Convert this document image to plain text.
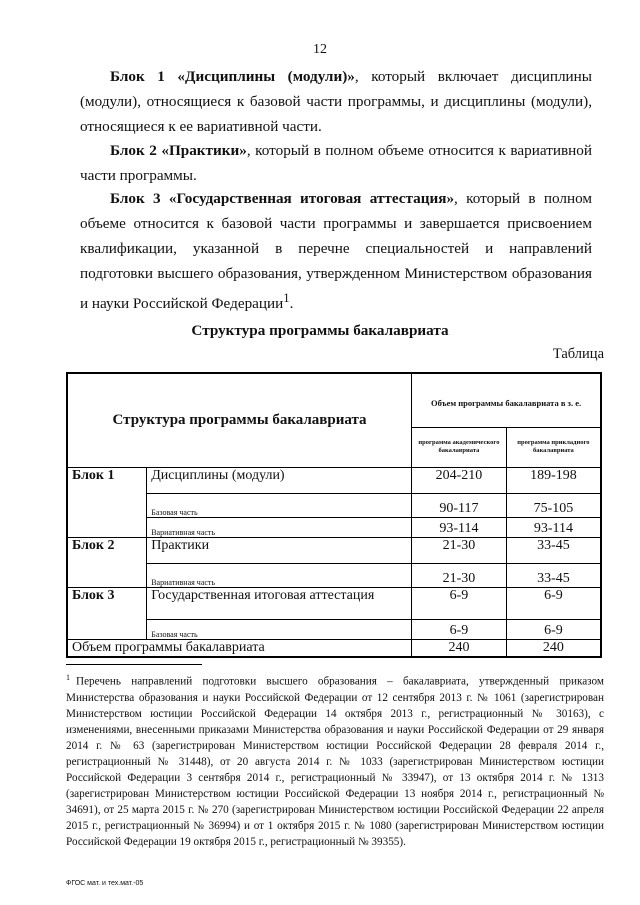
12

Блок 1 «Дисциплины (модули)», который включает дисциплины (модули), относящиеся к базовой части программы, и дисциплины (модули), относящиеся к ее вариативной части.

Блок 2 «Практики», который в полном объеме относится к вариативной части программы.

Блок 3 «Государственная итоговая аттестация», который в полном объеме относится к базовой части программы и завершается присвоением квалификации, указанной в перечне специальностей и направлений подготовки высшего образования, утвержденном Министерством образования и науки Российской Федерации$^1$.

Структура программы бакалавриата
Таблица
Структура программы бакалавриата		Объем программы бакалавриата в з. е.	
		программа академического бакалавриата	программа прикладного бакалавриата
Блок 1	Дисциплины (модули)	204-210	189-198
	Базовая часть	90-117	75-105
	Вариативная часть	93-114	93-114
Блок 2	Практики	21-30	33-45
	Вариативная часть	21-30	33-45
Блок 3	Государственная итоговая аттестация	6-9	6-9
	Базовая часть	6-9	6-9
Объем программы бакалавриата		240	240

$^1$ Перечень направлений подготовки высшего образования – бакалавриата, утвержденный приказом Министерства образования и науки Российской Федерации от 12 сентября 2013 г. № 1061 (зарегистрирован Министерством юстиции Российской Федерации 14 октября 2013 г., регистрационный № 30163), с изменениями, внесенными приказами Министерства образования и науки Российской Федерации от 29 января 2014 г. № 63 (зарегистрирован Министерством юстиции Российской Федерации 28 февраля 2014 г., регистрационный № 31448), от 20 августа 2014 г. № 1033 (зарегистрирован Министерством юстиции Российской Федерации 3 сентября 2014 г., регистрационный № 33947), от 13 октября 2014 г. № 1313 (зарегистрирован Министерством юстиции Российской Федерации 13 ноября 2014 г., регистрационный № 34691), от 25 марта 2015 г. № 270 (зарегистрирован Министерством юстиции Российской Федерации 22 апреля 2015 г., регистрационный № 36994) и от 1 октября 2015 г. № 1080 (зарегистрирован Министерством юстиции Российской Федерации 19 октября 2015 г., регистрационный № 39355).

ФГОС мат. и тех.мат.-05
